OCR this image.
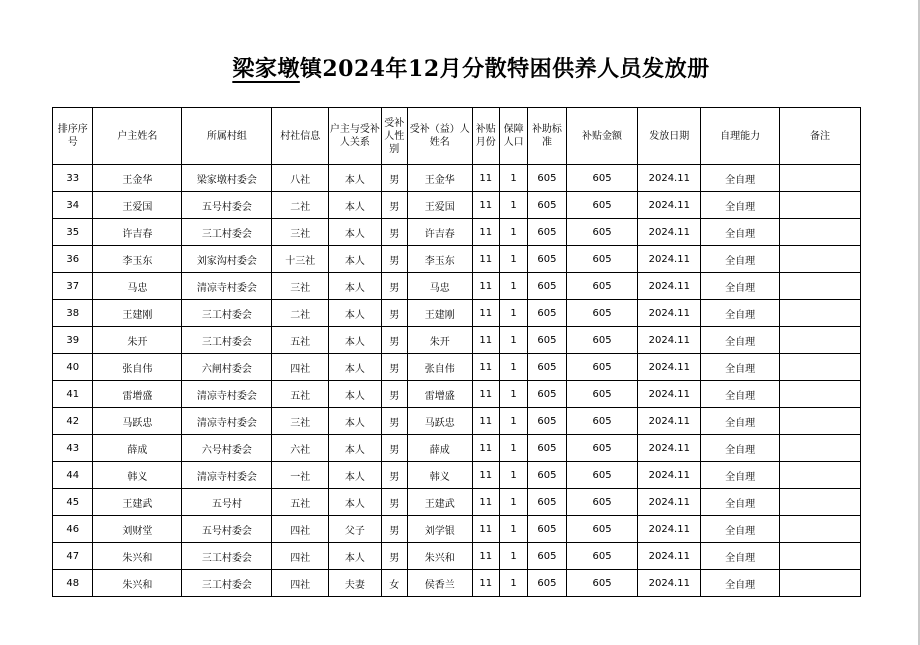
梁家墩镇2024年12月分散特困供养人员发放册
排序序号	户主姓名	所属村组	村社信息	户主与受补人关系	受补人性别	受补（益）人姓名	补贴月份	保障人口	补助标准	补贴金额	发放日期	自理能力	备注
33	王金华	梁家墩村委会	八社	本人	男	王金华	11	1	605	605	2024.11	全自理	
34	王爱国	五号村委会	二社	本人	男	王爱国	11	1	605	605	2024.11	全自理	
35	许吉春	三工村委会	三社	本人	男	许吉春	11	1	605	605	2024.11	全自理	
36	李玉东	刘家沟村委会	十三社	本人	男	李玉东	11	1	605	605	2024.11	全自理	
37	马忠	清凉寺村委会	三社	本人	男	马忠	11	1	605	605	2024.11	全自理	
38	王建刚	三工村委会	二社	本人	男	王建刚	11	1	605	605	2024.11	全自理	
39	朱开	三工村委会	五社	本人	男	朱开	11	1	605	605	2024.11	全自理	
40	张自伟	六闸村委会	四社	本人	男	张自伟	11	1	605	605	2024.11	全自理	
41	雷增盛	清凉寺村委会	五社	本人	男	雷增盛	11	1	605	605	2024.11	全自理	
42	马跃忠	清凉寺村委会	三社	本人	男	马跃忠	11	1	605	605	2024.11	全自理	
43	薛成	六号村委会	六社	本人	男	薛成	11	1	605	605	2024.11	全自理	
44	韩义	清凉寺村委会	一社	本人	男	韩义	11	1	605	605	2024.11	全自理	
45	王建武	五号村	五社	本人	男	王建武	11	1	605	605	2024.11	全自理	
46	刘财堂	五号村委会	四社	父子	男	刘学银	11	1	605	605	2024.11	全自理	
47	朱兴和	三工村委会	四社	本人	男	朱兴和	11	1	605	605	2024.11	全自理	
48	朱兴和	三工村委会	四社	夫妻	女	侯香兰	11	1	605	605	2024.11	全自理	
